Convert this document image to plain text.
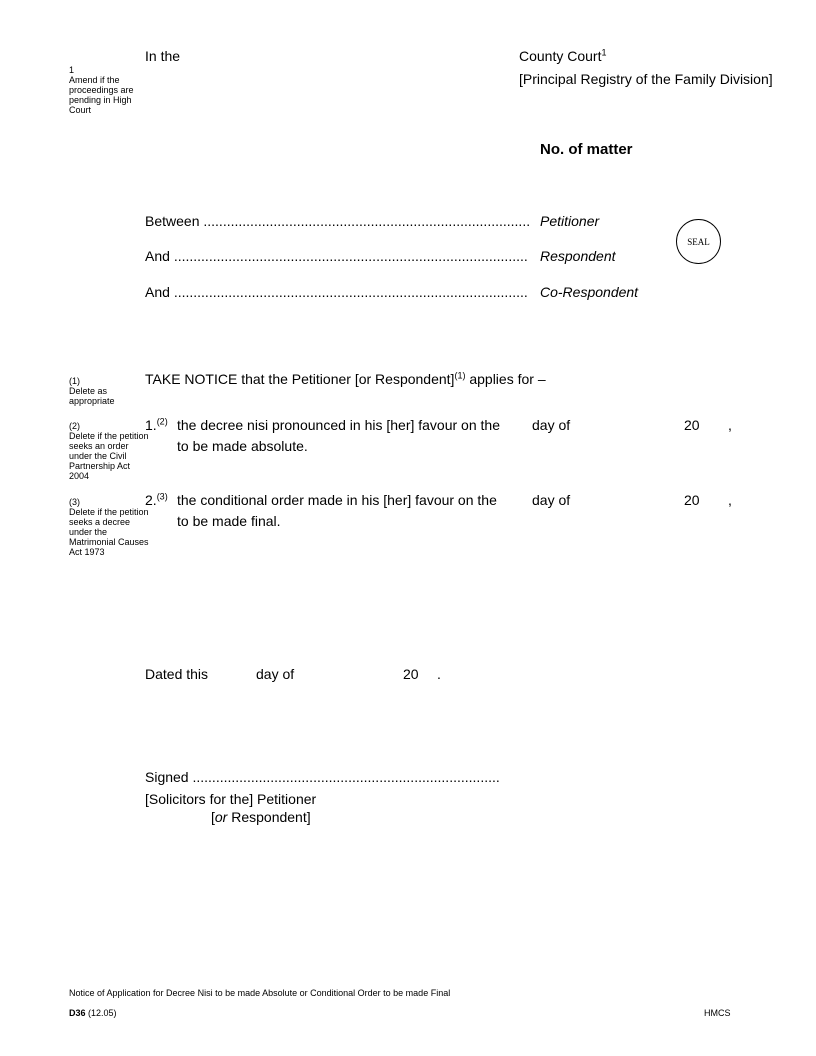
1
Amend if the proceedings are pending in High Court
(1)
Delete as appropriate
(2)
Delete if the petition seeks an order under the Civil Partnership Act 2004
(3)
Delete if the petition seeks a decree under the Matrimonial Causes Act 1973
In the	County Court$^1$
[Principal Registry of the Family Division]
No. of matter
Between .................................................................................... Petitioner
And ........................................................................................... Respondent
And ........................................................................................... Co-Respondent
SEAL
TAKE NOTICE that the Petitioner [or Respondent]$^{(1)}$ applies for –
1.$^{(2)}$ the decree nisi pronounced in his [her] favour on the day of	20 ,
to be made absolute.
2.$^{(3)}$ the conditional order made in his [her] favour on the	day of	20 ,
to be made final.
Dated this	day of	20 .
Signed ...............................................................................
[Solicitors for the] Petitioner
[or Respondent]
Notice of Application for Decree Nisi to be made Absolute or Conditional Order to be made Final
D36 (12.05)	HMCS
